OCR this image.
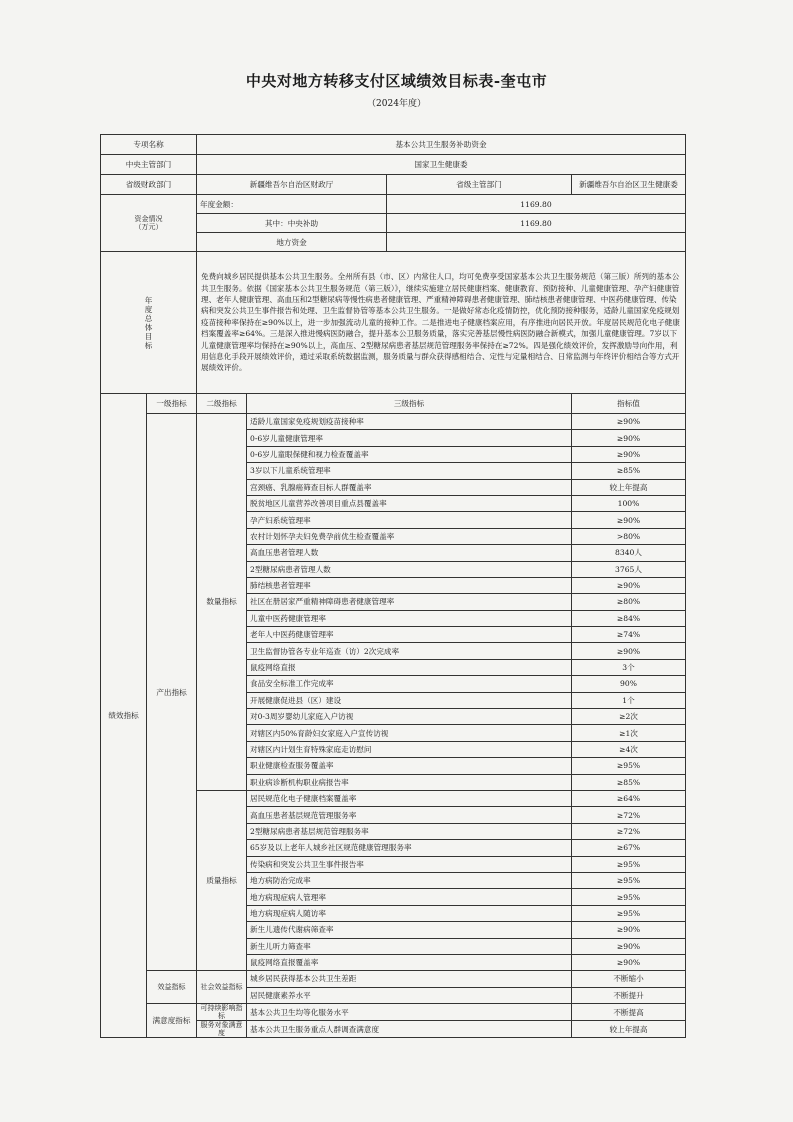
中央对地方转移支付区域绩效目标表-奎屯市
（2024年度）
专项名称		基本公共卫生服务补助资金			
中央主管部门		国家卫生健康委			
省级财政部门		新疆维吾尔自治区财政厅		省级主管部门	新疆维吾尔自治区卫生健康委

资金情况（万元）		年度金额：		1169.80	
		其中：中央补助		1169.80	
		地方资金			

年度总体目标		免费向城乡居民提供基本公共卫生服务。全州所有县（市、区）内常住人口，均可免费享受国家基本公共卫生服务规范（第三版）所列的基本公共卫生服务。依据《国家基本公共卫生服务规范（第三版）》，继续实施建立居民健康档案、健康教育、预防接种、儿童健康管理、孕产妇健康管理、老年人健康管理、高血压和2型糖尿病等慢性病患者健康管理、严重精神障碍患者健康管理、肺结核患者健康管理、中医药健康管理、传染病和突发公共卫生事件报告和处理、卫生监督协管等基本公共卫生服务。一是做好常态化疫情防控，优化预防接种服务，适龄儿童国家免疫规划疫苗接种率保持在≥90%以上，进一步加强流动儿童的接种工作。二是推进电子健康档案应用，有序推进向居民开放。年度居民规范化电子健康档案覆盖率≥64%。三是深入推进慢病医防融合，提升基本公卫服务质量，落实完善基层慢性病医防融合新模式，加强儿童健康管理。7岁以下儿童健康管理率均保持在≥90%以上，高血压、2型糖尿病患者基层规范管理服务率保持在≥72%。四是强化绩效评价，发挥激励导向作用，利用信息化手段开展绩效评价，通过采取系统数据监测，服务质量与群众获得感相结合、定性与定量相结合、日常监测与年终评价相结合等方式开展绩效评价。			
绩效指标	一级指标	二级指标	三级指标		指标值
	产出指标	数量指标	适龄儿童国家免疫规划疫苗接种率		≥90%
			0-6岁儿童健康管理率		≥90%
			0-6岁儿童眼保健和视力检查覆盖率		≥90%
			3岁以下儿童系统管理率		≥85%
			宫颈癌、乳腺癌筛查目标人群覆盖率		较上年提高
			脱贫地区儿童营养改善项目重点县覆盖率		100%
			孕产妇系统管理率		≥90%
			农村计划怀孕夫妇免费孕前优生检查覆盖率		>80%
			高血压患者管理人数		8340人
			2型糖尿病患者管理人数		3765人
			肺结核患者管理率		≥90%
			社区在册居家严重精神障碍患者健康管理率		≥80%
			儿童中医药健康管理率		≥84%
			老年人中医药健康管理率		≥74%
			卫生监督协管各专业年巡查（访）2次完成率		≥90%
			鼠疫网络直报		3个
			食品安全标准工作完成率		90%
			开展健康促进县（区）建设		1个
			对0-3周岁婴幼儿家庭入户访视		≥2次
			对辖区内50%育龄妇女家庭入户宣传访视		≥1次
			对辖区内计划生育特殊家庭走访慰问		≥4次
			职业健康检查服务覆盖率		≥95%
			职业病诊断机构职业病报告率		≥85%
		质量指标	居民规范化电子健康档案覆盖率		≥64%
			高血压患者基层规范管理服务率		≥72%
			2型糖尿病患者基层规范管理服务率		≥72%
			65岁及以上老年人城乡社区规范健康管理服务率		≥67%
			传染病和突发公共卫生事件报告率		≥95%
			地方病防治完成率		≥95%
			地方病现症病人管理率		≥95%
			地方病现症病人随访率		≥95%
			新生儿遗传代谢病筛查率		≥90%
			新生儿听力筛查率		≥90%
			鼠疫网络直报覆盖率		≥90%

	效益指标	社会效益指标	城乡居民获得基本公共卫生差距		不断缩小
			居民健康素养水平		不断提升
	满意度指标	可持续影响指标	基本公共卫生均等化服务水平		不断提高

		服务对象满意度	基本公共卫生服务重点人群调查满意度		较上年提高
